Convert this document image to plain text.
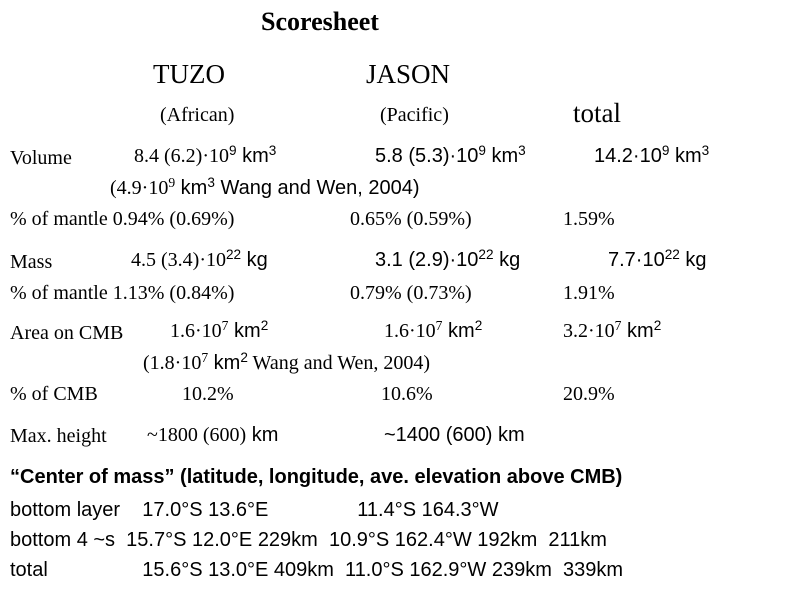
Scoresheet
TUZO	JASON
(African)	(Pacific)	total
Volume	8.4 $(6.2)\cdot 10^9$ $km^3$	5.8 $(5.3)\cdot 10^9$ $km^3$	$14.2\cdot 10^9$ $km^3$
($4.9\cdot 10^9$ $km^3$ Wang and Wen, 2004)
% of mantle 0.94% (0.69%)	0.65% (0.59%)	1.59%
Mass	4.5 $(3.4)\cdot 10^{22}$ kg	3.1 $(2.9)\cdot 10^{22}$ kg	$7.7\cdot 10^{22}$ kg
% of mantle 1.13% (0.84%)	0.79% (0.73%)	1.91%
Area on CMB $1.6\cdot 10^7$ $km^2$	$1.6\cdot 10^7$ $km^2$	$3.2\cdot 10^7$ $km^2$
($1.8\cdot 10^7$ $km^2$ Wang and Wen, 2004)
% of CMB	10.2%	10.6%	20.9%
Max. height ~1800 (600) km	~1400 (600) km
“Center of mass” (latitude, longitude, ave. elevation above CMB)
bottom layer    17.0°S 13.6°E                11.4°S 164.3°W
bottom 4 ~s  15.7°S 12.0°E 229km  10.9°S 162.4°W 192km  211km
total                 15.6°S 13.0°E 409km  11.0°S 162.9°W 239km  339km
